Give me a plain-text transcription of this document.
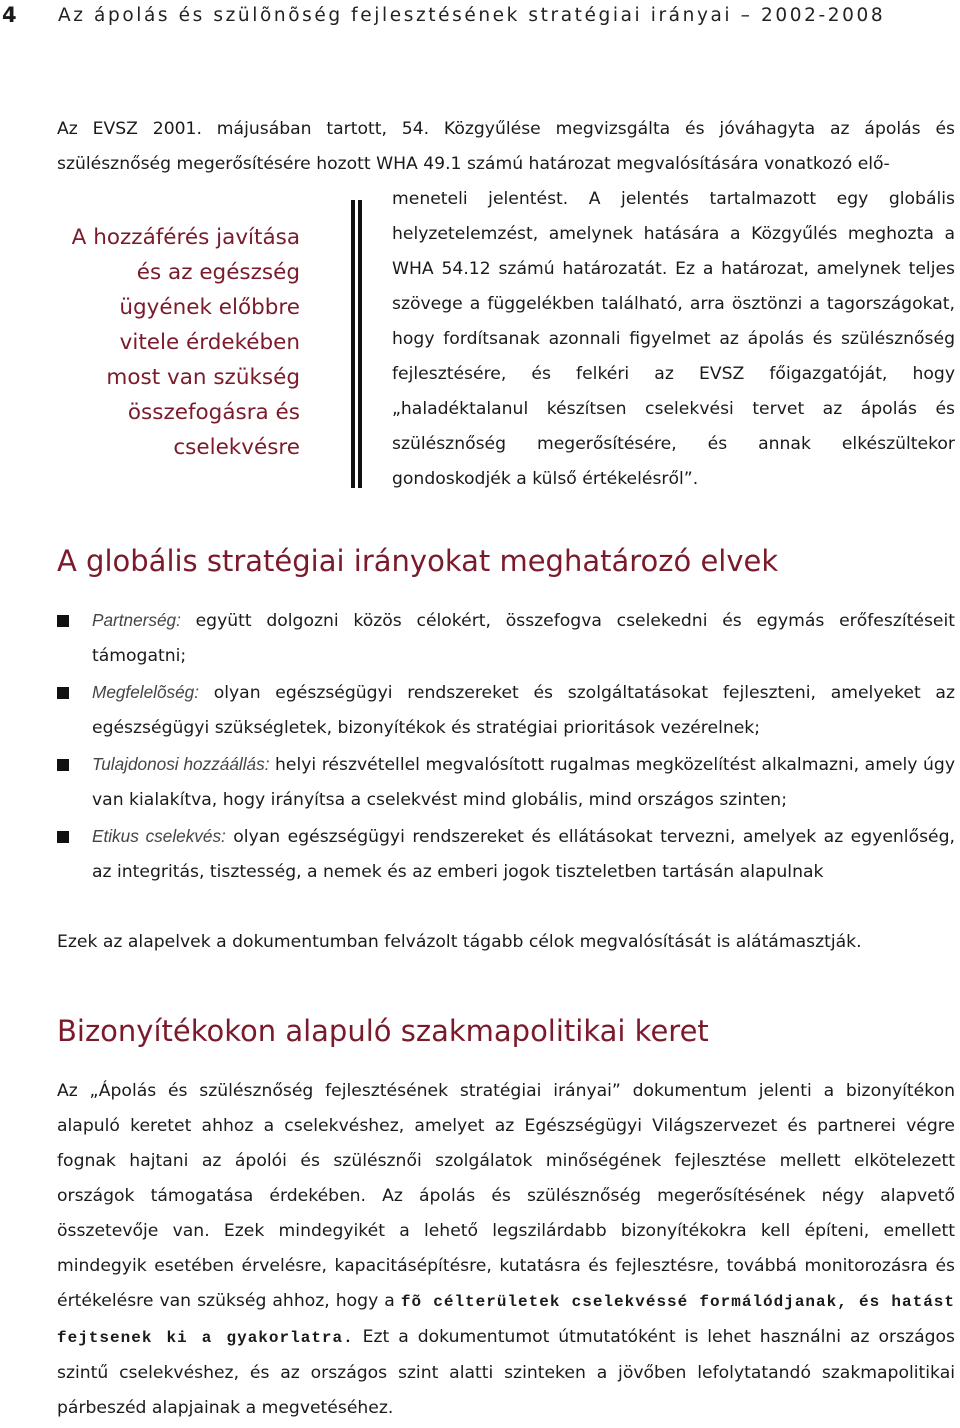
4	Az ápolás és szülõnõség fejlesztésének stratégiai irányai – 2002-2008

Az EVSZ 2001. májusában tartott, 54. Közgyűlése megvizsgálta és jóváhagyta az ápolás és szülésznőség megerősítésére hozott WHA 49.1 számú határozat megvalósítására vonatkozó elő-

A hozzáférés javítása
és az egészség
ügyének előbbre
vitele érdekében
most van szükség
összefogásra és
cselekvésre

meneteli jelentést. A jelentés tartalmazott egy globális helyzetelemzést, amelynek hatására a Közgyűlés meghozta a WHA 54.12 számú határozatát. Ez a határozat, amelynek teljes szövege a függelékben található, arra ösztönzi a tagországokat, hogy fordítsanak azonnali figyelmet az ápolás és szülésznőség fejlesztésére, és felkéri az EVSZ főigazgatóját, hogy „haladéktalanul készítsen cselekvési tervet az ápolás és szülésznőség megerősítésére, és annak elkészültekor gondoskodjék a külső értékelésről”.

A globális stratégiai irányokat meghatározó elvek
Partnerség: együtt dolgozni közös célokért, összefogva cselekedni és egymás erőfeszítéseit támogatni;
Megfelelõség: olyan egészségügyi rendszereket és szolgáltatásokat fejleszteni, amelyeket az egészségügyi szükségletek, bizonyítékok és stratégiai prioritások vezérelnek;
Tulajdonosi hozzáállás: helyi részvétellel megvalósított rugalmas megközelítést alkalmazni, amely úgy van kialakítva, hogy irányítsa a cselekvést mind globális, mind országos szinten;
Etikus cselekvés: olyan egészségügyi rendszereket és ellátásokat tervezni, amelyek az egyenlőség, az integritás, tisztesség, a nemek és az emberi jogok tiszteletben tartásán alapulnak

Ezek az alapelvek a dokumentumban felvázolt tágabb célok megvalósítását is alátámasztják.

Bizonyítékokon alapuló szakmapolitikai keret

Az „Ápolás és szülésznőség fejlesztésének stratégiai irányai” dokumentum jelenti a bizonyítékon alapuló keretet ahhoz a cselekvéshez, amelyet az Egészségügyi Világszervezet és partnerei végre fognak hajtani az ápolói és szülésznői szolgálatok minőségének fejlesztése mellett elkötelezett országok támogatása érdekében. Az ápolás és szülésznőség megerősítésének négy alapvető összetevője van. Ezek mindegyikét a lehető legszilárdabb bizonyítékokra kell építeni, emellett mindegyik esetében érvelésre, kapacitásépítésre, kutatásra és fejlesztésre, továbbá monitorozásra és értékelésre van szükség ahhoz, hogy a fõ célterületek cselekvéssé formálódjanak, és hatást fejtsenek ki a gyakorlatra. Ezt a dokumentumot útmutatóként is lehet használni az országos szintű cselekvéshez, és az országos szint alatti szinteken a jövőben lefolytatandó szakmapolitikai párbeszéd alapjainak a megvetéséhez.
